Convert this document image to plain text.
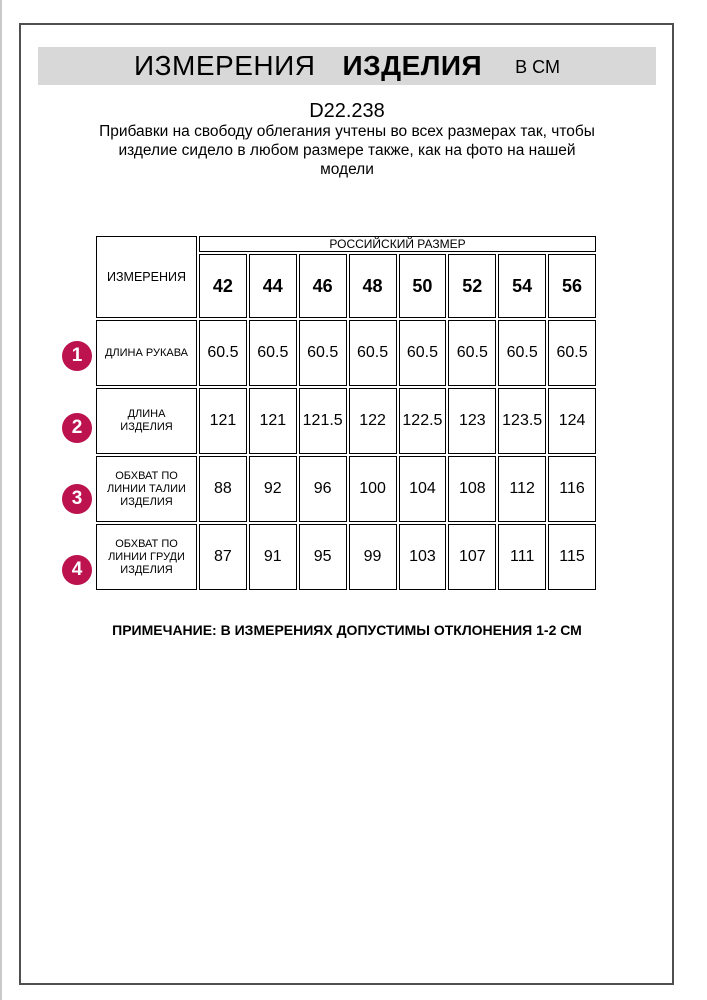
ИЗМЕРЕНИЯ ИЗДЕЛИЯ В СМ
D22.238
Прибавки на свободу облегания учтены во всех размерах так, чтобы
изделие сидело в любом размере также, как на фото на нашей
модели
ИЗМЕРЕНИЯ	РОССИЙСКИЙ РАЗМЕР							
	42	44	46	48	50	52	54	56
ДЛИНА РУКАВА	60.5	60.5	60.5	60.5	60.5	60.5	60.5	60.5
ДЛИНА ИЗДЕЛИЯ	121	121	121.5	122	122.5	123	123.5	124
ОБХВАТ ПО ЛИНИИ ТАЛИИ ИЗДЕЛИЯ	88	92	96	100	104	108	112	116
ОБХВАТ ПО ЛИНИИ ГРУДИ ИЗДЕЛИЯ	87	91	95	99	103	107	111	115
1
2
3
4
ПРИМЕЧАНИЕ: В ИЗМЕРЕНИЯХ ДОПУСТИМЫ ОТКЛОНЕНИЯ 1-2 СМ
